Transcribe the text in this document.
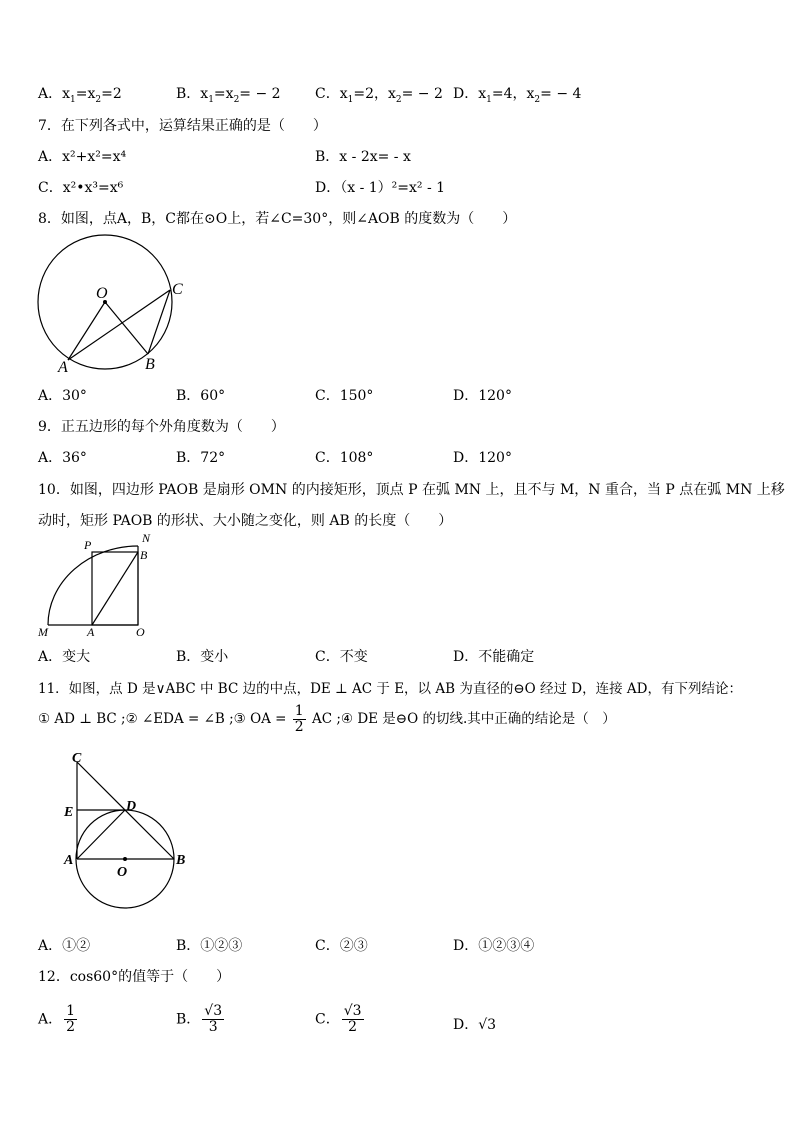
A．$x_1=x_2=2$	B．$x_1=x_2= - 2$ C．$x_1=2$，$x_2= - 2$ D．$x_1=4$，$x_2= - 4$
7．在下列各式中，运算结果正确的是（　　）
A．x²+x²=x⁴	B．x - 2x= - x
C．x²•x³=x⁶	D．（x - 1）²=x² - 1
8．如图，点A，B，C都在⊙O上，若∠C=30°，则∠AOB 的度数为（　　）
O
A	B
C
A．30°	B．60°	C．150°	D．120°
9．正五边形的每个外角度数为（　　）
A．36°	B．72°	C．108°	D．120°
10．如图，四边形 PAOB 是扇形 OMN 的内接矩形，顶点 P 在弧 MN 上，且不与 M，N 重合，当 P 点在弧 MN 上移
动时，矩形 PAOB 的形状、大小随之变化，则 AB 的长度（　　）
P	N
B
M	A	O
A．变大	B．变小	C．不变	D．不能确定
11．如图，点 D 是∨ABC 中 BC 边的中点，DE ⊥ AC 于 E，以 AB 为直径的⊖O 经过 D，连接 AD，有下列结论：
① AD ⊥ BC ;② ∠EDA = ∠B ;③ OA = $\frac{1}{2}$ AC ;④ DE 是⊖O 的切线.其中正确的结论是（　）
C
E	D
A
O
B
A．①②	B．①②③	C．②③	D．①②③④
12．cos60°的值等于（　　）
A． $\frac{1}{2}$	B． $\frac{√3}{3}$	C． $\frac{√3}{2}$	D．√3
